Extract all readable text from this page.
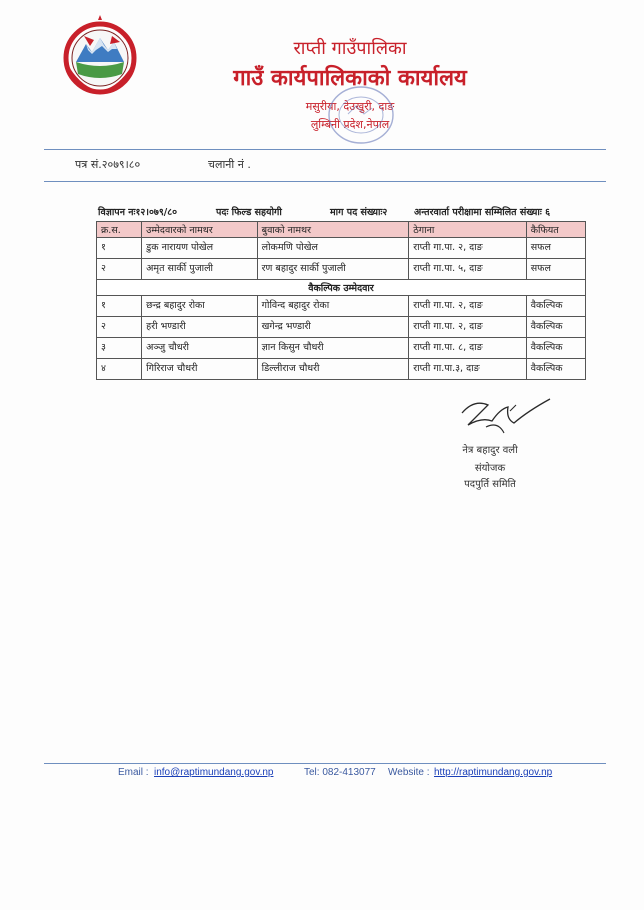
राप्ती गाउँपालिका
गाउँ कार्यपालिकाको कार्यालय
मसुरीया, देउखुरी, दाङ
लुम्बिनी प्रदेश,नेपाल
पत्र सं.२०७९।८०	चलानी नं .
विज्ञापन नः१२।०७९/८०	पदः फिल्ड सहयोगी	माग पद संख्याः२	अन्तरवार्ता परीक्षामा सम्मिलित संख्याः ६
क्र.स.	उम्मेदवारको नामथर	बुवाको नामथर	ठेगाना	कैफियत
१	डुक नारायण पोखेल	लोकमणि पोखेल	राप्ती गा.पा. २, दाङ	सफल
२	अमृत सार्की पुजाली	रण बहादुर सार्की पुजाली	राप्ती गा.पा. ५, दाङ	सफल
वैकल्पिक उम्मेदवार				
१	छन्द्र बहादुर रोका	गोविन्द बहादुर रोका	राप्ती गा.पा. २, दाङ	वैकल्पिक
२	हरी भण्डारी	खगेन्द्र भण्डारी	राप्ती गा.पा. २, दाङ	वैकल्पिक
३	अञ्जु चौधरी	ज्ञान किसुन चौधरी	राप्ती गा.पा. ८, दाङ	वैकल्पिक
४	गिरिराज चौधरी	डिल्लीराज चौधरी	राप्ती गा.पा.३, दाङ	वैकल्पिक
नेत्र बहादुर वली
संयोजक
पदपुर्ति समिति
Email : info@raptimundang.gov.np	Tel: 082-413077 Website : http://raptimundang.gov.np
